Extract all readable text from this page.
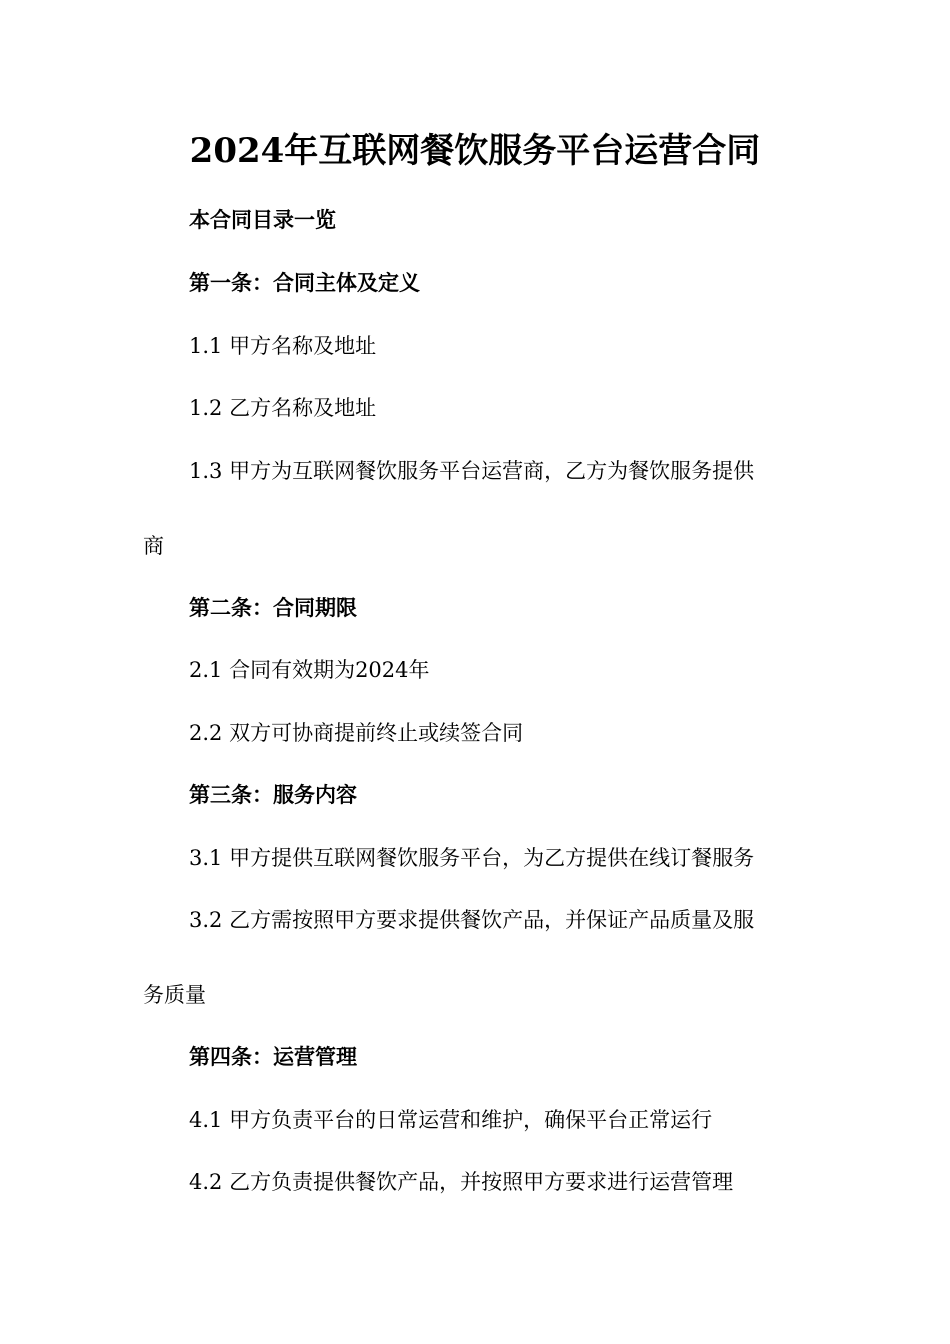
2024年互联网餐饮服务平台运营合同
本合同目录一览
第一条：合同主体及定义
1.1 甲方名称及地址
1.2 乙方名称及地址
1.3 甲方为互联网餐饮服务平台运营商，乙方为餐饮服务提供
商
第二条：合同期限
2.1 合同有效期为2024年
2.2 双方可协商提前终止或续签合同
第三条：服务内容
3.1 甲方提供互联网餐饮服务平台，为乙方提供在线订餐服务
3.2 乙方需按照甲方要求提供餐饮产品，并保证产品质量及服
务质量
第四条：运营管理
4.1 甲方负责平台的日常运营和维护，确保平台正常运行
4.2 乙方负责提供餐饮产品，并按照甲方要求进行运营管理
